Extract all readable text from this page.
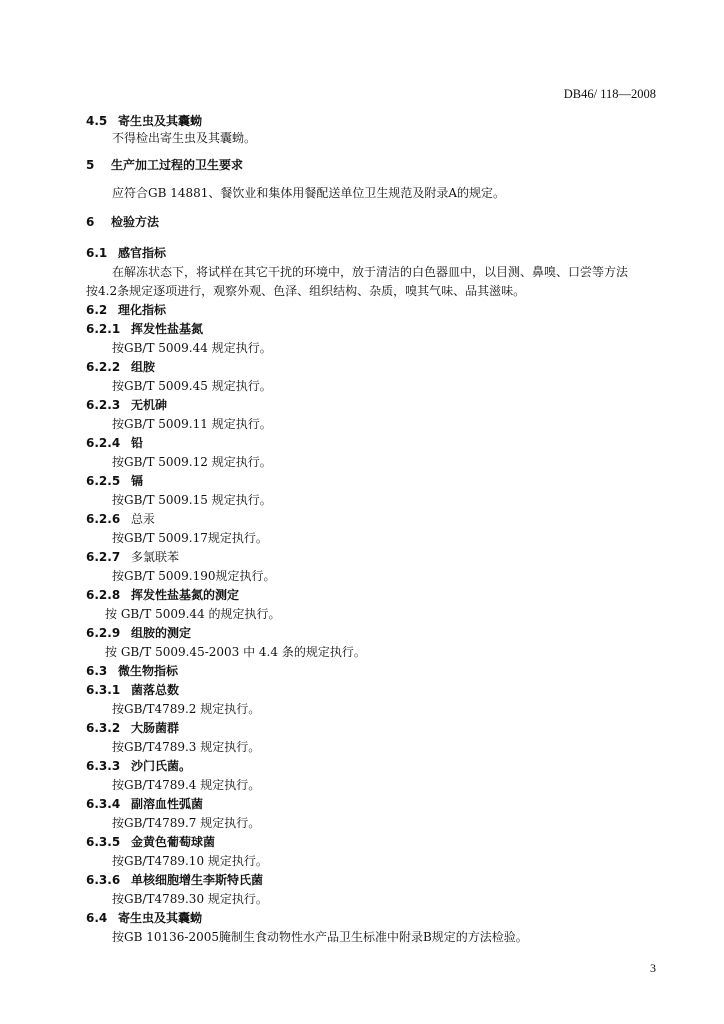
DB46/ 118—2008
4.5 寄生虫及其囊蚴
不得检出寄生虫及其囊蚴。
5 生产加工过程的卫生要求
应符合GB 14881、餐饮业和集体用餐配送单位卫生规范及附录A的规定。
6 检验方法
6.1 感官指标
在解冻状态下，将试样在其它干扰的环境中，放于清洁的白色器皿中，以目测、鼻嗅、口尝等方法
按4.2条规定逐项进行，观察外观、色泽、组织结构、杂质，嗅其气味、品其滋味。
6.2 理化指标
6.2.1 挥发性盐基氮
按GB/T 5009.44 规定执行。
6.2.2 组胺
按GB/T 5009.45 规定执行。
6.2.3 无机砷
按GB/T 5009.11 规定执行。
6.2.4 铅
按GB/T 5009.12 规定执行。
6.2.5 镉
按GB/T 5009.15 规定执行。
6.2.6 总汞
按GB/T 5009.17规定执行。
6.2.7 多氯联苯
按GB/T 5009.190规定执行。
6.2.8 挥发性盐基氮的测定
按 GB/T 5009.44 的规定执行。
6.2.9 组胺的测定
按 GB/T 5009.45-2003 中 4.4 条的规定执行。
6.3 微生物指标
6.3.1 菌落总数
按GB/T4789.2 规定执行。
6.3.2 大肠菌群
按GB/T4789.3 规定执行。
6.3.3 沙门氏菌。
按GB/T4789.4 规定执行。
6.3.4 副溶血性弧菌
按GB/T4789.7 规定执行。
6.3.5 金黄色葡萄球菌
按GB/T4789.10 规定执行。
6.3.6 单核细胞增生李斯特氏菌
按GB/T4789.30 规定执行。
6.4 寄生虫及其囊蚴
按GB 10136-2005腌制生食动物性水产品卫生标准中附录B规定的方法检验。
3
